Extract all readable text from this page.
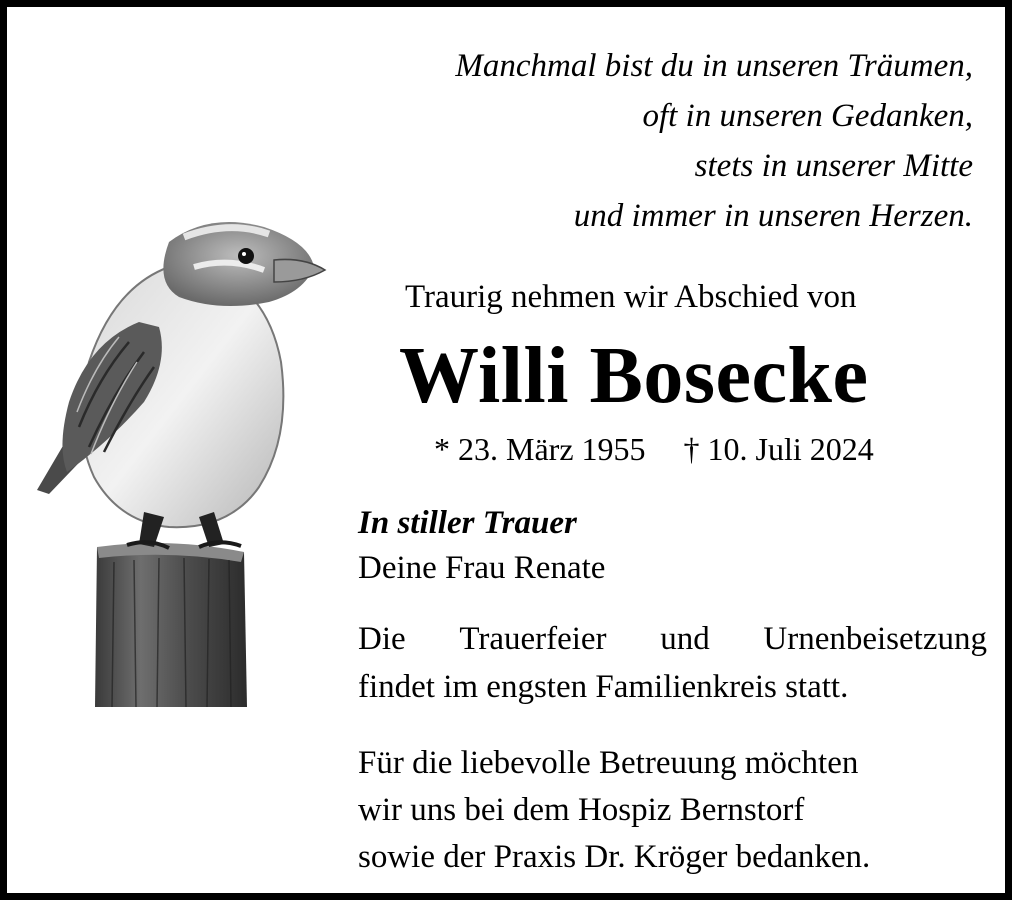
Manchmal bist du in unseren Träumen,
oft in unseren Gedanken,
stets in unserer Mitte
und immer in unseren Herzen.
Traurig nehmen wir Abschied von
Willi Bosecke
* 23. März 1955 † 10. Juli 2024
In stiller Trauer
Deine Frau Renate
Die Trauerfeier und Urnenbeisetzung
findet im engsten Familienkreis statt.
Für die liebevolle Betreuung möchten
wir uns bei dem Hospiz Bernstorf
sowie der Praxis Dr. Kröger bedanken.
